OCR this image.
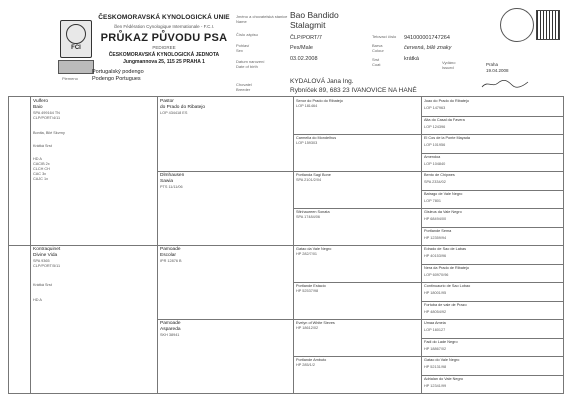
FCI
Plemeno
ČESKOMORAVSKÁ KYNOLOGICKÁ UNIE
člen Fédération Cynologique Internationale - F.C.I.
PRŮKAZ PŮVODU PSA
PEDIGREE
ČESKOMORAVSKÁ KYNOLOGICKÁ JEDNOTA
Jungmannova 25, 115 25 PRAHA 1
Portugalský podengo
Podengo Portugues
Jméno a chovatelská stanice
Name
Číslo zápisu
Pohlaví
Sex
Datum narození
Date of birth
Chovatel
Breeder
Bao Bandido
Stalagmit
ČLP/PORT/7
Pes/Male
03.02.2008
KYDALOVÁ Jana Ing.
Rybníček 89, 683 23 IVANOVICE NA HANÉ
Tetovací číslo
Barva
Colour
Srst
Coat
941000001747264
červená, bílé znaky
krátká
Vydáno
Issued
Praha
19.04.2008
Vulfero
Baio
SPA 499164 TN
CLP/PORT/4/11
Bonita, Bilé Skvrny
Krátká Srst
HD A
CACIB 2x
CLCH CH
CAC 3x
CAJC 1x
Kontraquinet
Divine Vida
SPA 9365
CLP/PORT/5/11
Krátká Srst
HD A
Pastor
do Prado do Ribatejo
LOP 434418 ES
Dlmhausen
Sawia
PTS 11/11/06
Pamoade
Escolar
IPR 12876 B
Pamoade
Aspareda
SKH 38941
Senor do Prado do Ribatejo
LOP 181464
Carmelia do Mondelhus
LOP 159303
Portlanda Sagi Bone
SPA 2101/2/04
Sfinhaureen Sonata
SPA 17484/06
Gatao da Vale Negro
HP 282/7/01
Portlande Estacio
HP 52537/98
Evelyn of White Sieves
HP 18612/02
Portlande Ambuto
HP 285/1/2
Joao do Prado do Ribatejo
LOP 147963
Alta do Casal da Favera
LOP 124396
El Cos de la Ponte Mayada
LOP 101956
Amendoa
LOP 104840
Bento de Chipwes
SPA 2334/02
Batrago de Vale Negro
LOP 7801
Gisleus da Vale Negro
HP 68494/00
Portlande Sema
HP 12359/94
Edrado de Sao de Labas
HP 40153/96
Nera da Prado de Ribatejo
LOP 60970/96
Continuaurio de Sao Lobao
HP 18001/95
Fortuba de vale de Prazo
HP 48054/92
Umaa Ameia
LOP 160127
Fadi do Lade Negro
HP 18867/02
Gatao do Vale Negro
HP 52131/98
Adrialan do Vale Negro
HP 12341/99
